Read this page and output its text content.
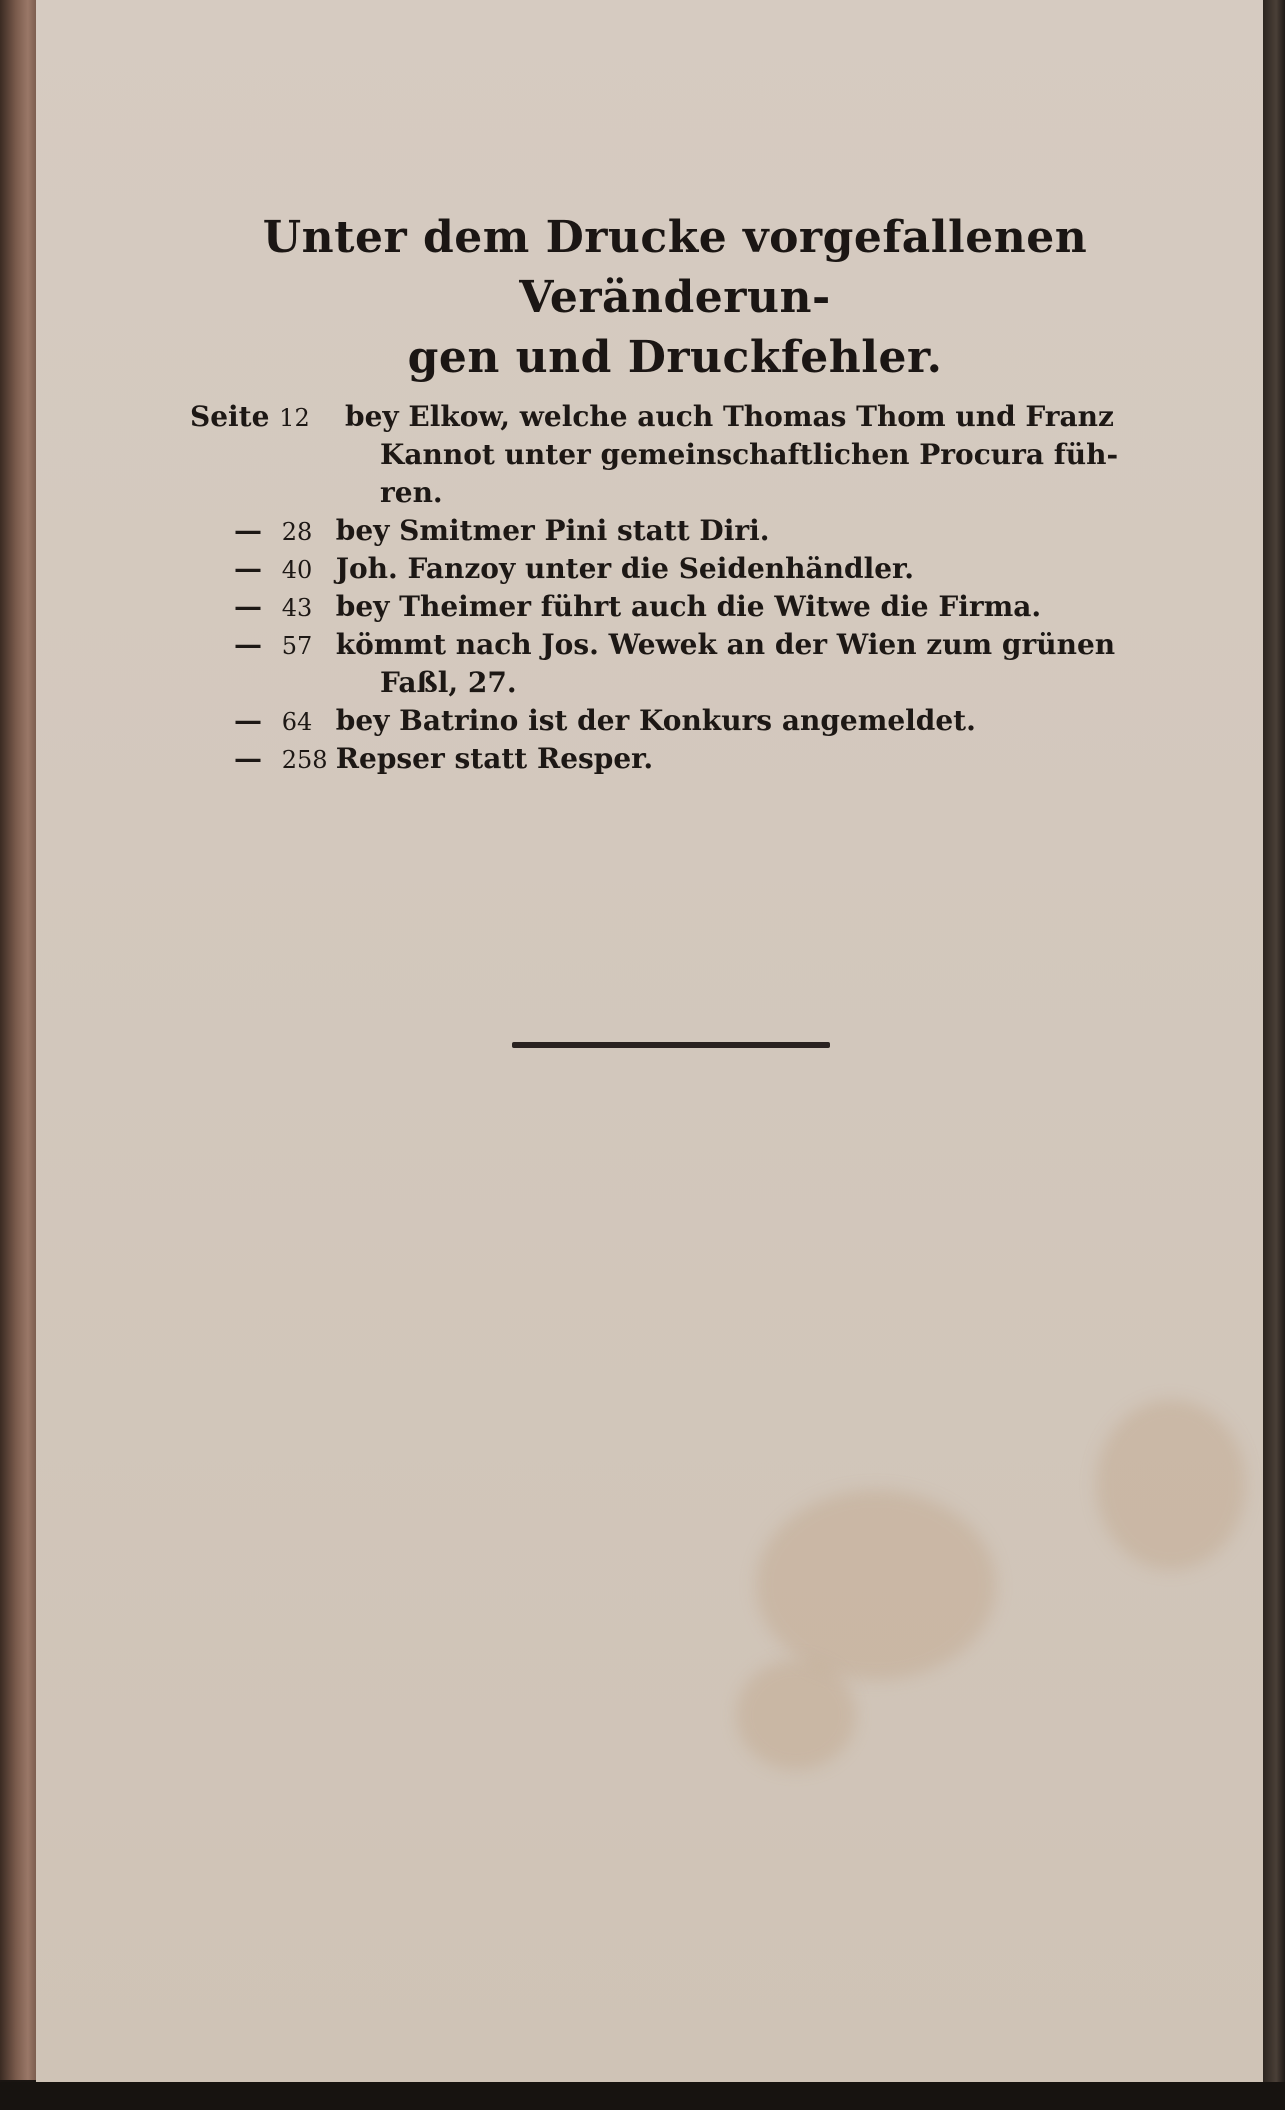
Unter dem Drucke vorgefallenen Veränderun-
gen und Druckfehler.
Seite 12 bey Elkow, welche auch Thomas Thom und Franz
Kannot unter gemeinschaftlichen Procura füh-
ren.
— 28 bey Smitmer Pini statt Diri.
— 40 Joh. Fanzoy unter die Seidenhändler.
— 43 bey Theimer führt auch die Witwe die Firma.
— 57 kömmt nach Jos. Wewek an der Wien zum grünen
Faßl, 27.
— 64 bey Batrino ist der Konkurs angemeldet.
— 258 Repser statt Resper.
